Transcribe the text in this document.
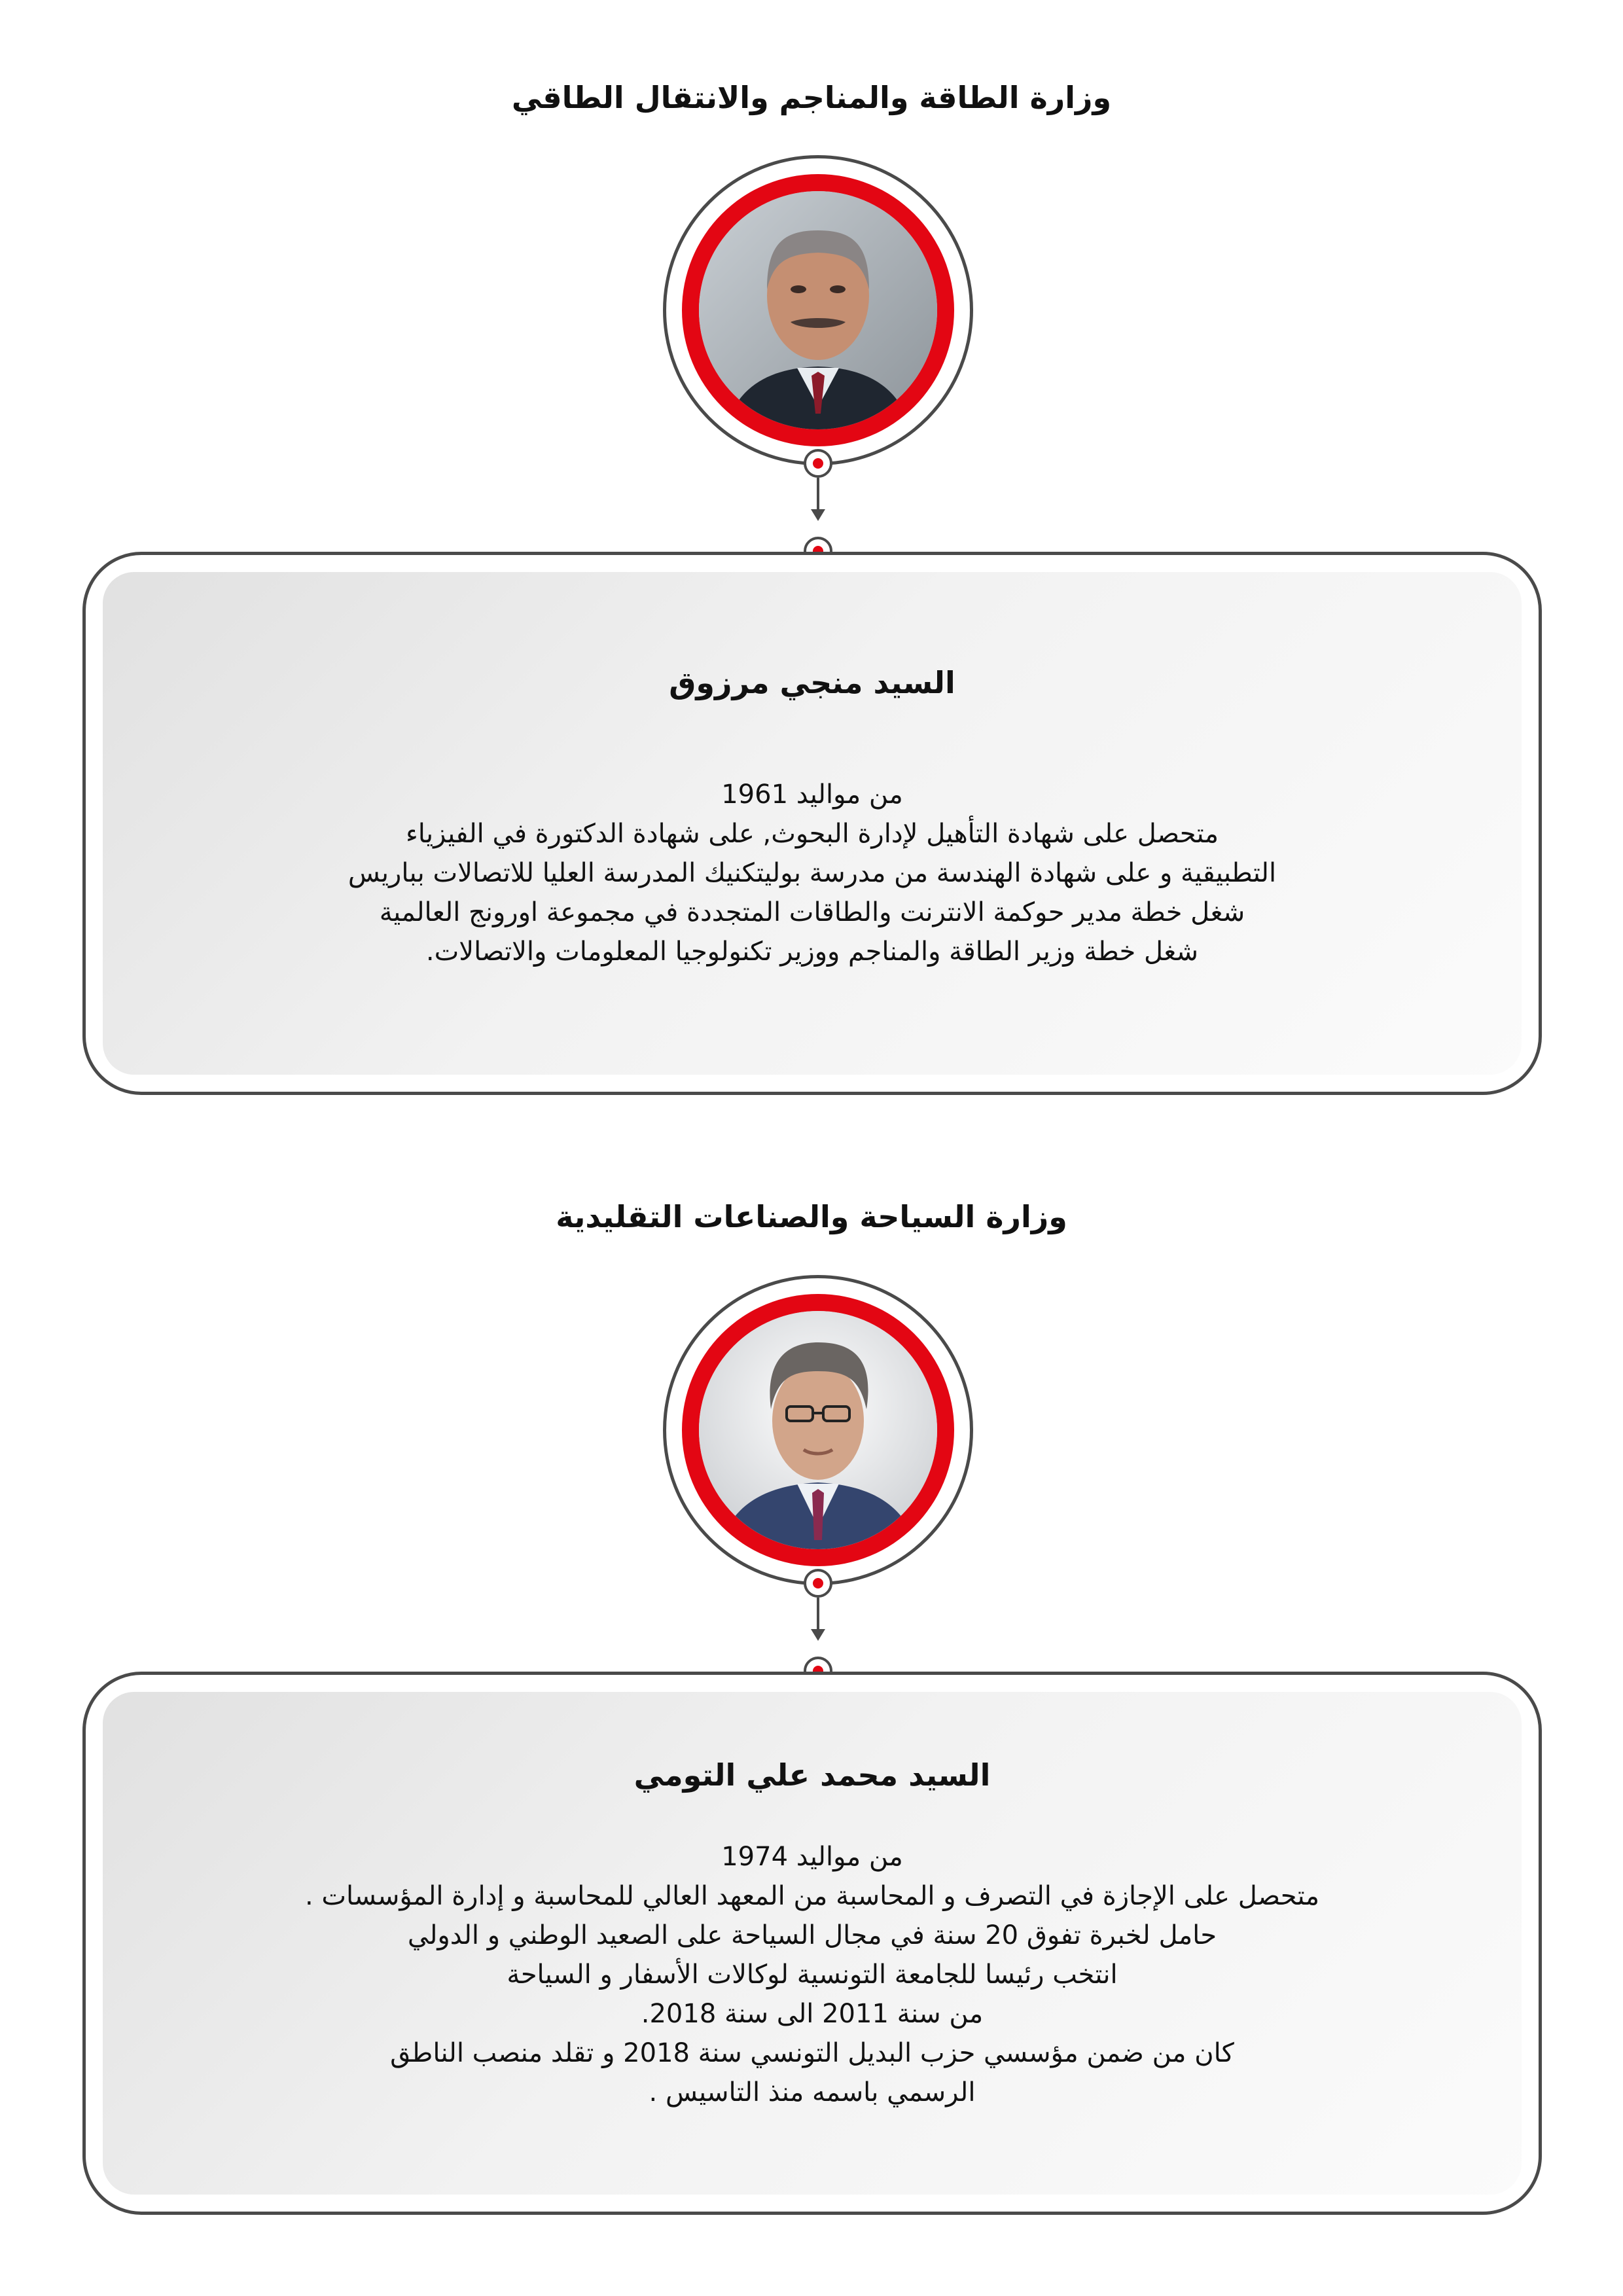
وزارة الطاقة والمناجم والانتقال الطاقي
السيد منجي مرزوق
من مواليد 1961
متحصل على شهادة التأهيل لإدارة البحوث, على شهادة الدكتورة في الفيزياء
التطبيقية و على شهادة الهندسة من مدرسة بوليتكنيك المدرسة العليا للاتصالات بباريس
شغل خطة مدير حوكمة الانترنت والطاقات المتجددة في مجموعة اورونج العالمية
شغل خطة وزير الطاقة والمناجم ووزير تكنولوجيا المعلومات والاتصالات.
وزارة السياحة والصناعات التقليدية
السيد محمد علي التومي
من مواليد 1974
متحصل على الإجازة في التصرف و المحاسبة من المعهد العالي للمحاسبة و إدارة المؤسسات .
حامل لخبرة تفوق 20 سنة في مجال السياحة على الصعيد الوطني و الدولي
انتخب رئيسا للجامعة التونسية لوكالات الأسفار و السياحة
من سنة 2011 الى سنة 2018.
كان من ضمن مؤسسي حزب البديل التونسي سنة 2018 و تقلد منصب الناطق
الرسمي باسمه منذ التاسيس .
